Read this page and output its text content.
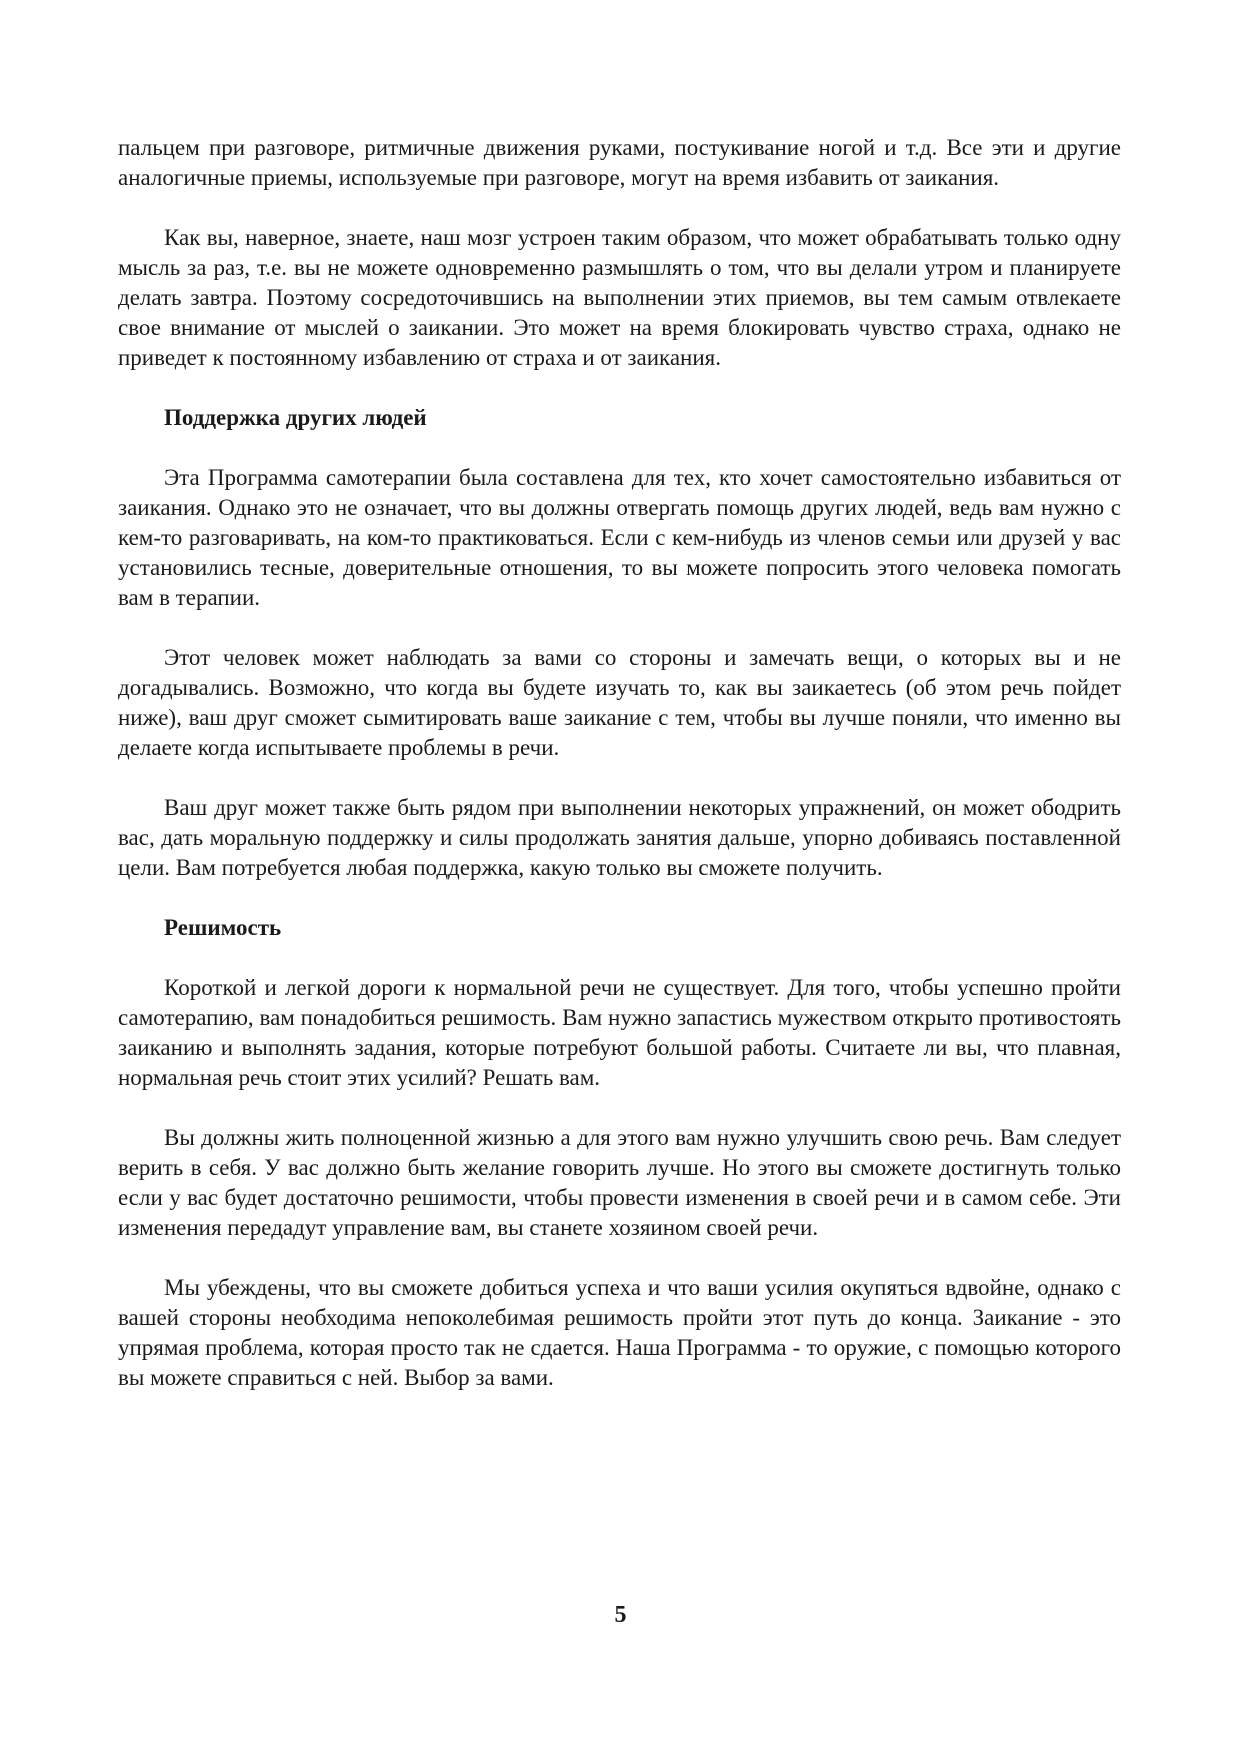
пальцем при разговоре, ритмичные движения руками, постукивание ногой и т.д. Все эти и другие аналогичные приемы, используемые при разговоре, могут на время избавить от заикания.

Как вы, наверное, знаете, наш мозг устроен таким образом, что может обрабатывать только одну мысль за раз, т.е. вы не можете одновременно размышлять о том, что вы делали утром и планируете делать завтра. Поэтому сосредоточившись на выполнении этих приемов, вы тем самым отвлекаете свое внимание от мыслей о заикании. Это может на время блокировать чувство страха, однако не приведет к постоянному избавлению от страха и от заикания.

Поддержка других людей

Эта Программа самотерапии была составлена для тех, кто хочет самостоятельно избавиться от заикания. Однако это не означает, что вы должны отвергать помощь других людей, ведь вам нужно с кем-то разговаривать, на ком-то практиковаться. Если с кем-нибудь из членов семьи или друзей у вас установились тесные, доверительные отношения, то вы можете попросить этого человека помогать вам в терапии.

Этот человек может наблюдать за вами со стороны и замечать вещи, о которых вы и не догадывались. Возможно, что когда вы будете изучать то, как вы заикаетесь (об этом речь пойдет ниже), ваш друг сможет сымитировать ваше заикание с тем, чтобы вы лучше поняли, что именно вы делаете когда испытываете проблемы в речи.

Ваш друг может также быть рядом при выполнении некоторых упражнений, он может ободрить вас, дать моральную поддержку и силы продолжать занятия дальше, упорно добиваясь поставленной цели. Вам потребуется любая поддержка, какую только вы сможете получить.

Решимость

Короткой и легкой дороги к нормальной речи не существует. Для того, чтобы успешно пройти самотерапию, вам понадобиться решимость. Вам нужно запастись мужеством открыто противостоять заиканию и выполнять задания, которые потребуют большой работы. Считаете ли вы, что плавная, нормальная речь стоит этих усилий? Решать вам.

Вы должны жить полноценной жизнью а для этого вам нужно улучшить свою речь. Вам следует верить в себя. У вас должно быть желание говорить лучше. Но этого вы сможете достигнуть только если у вас будет достаточно решимости, чтобы провести изменения в своей речи и в самом себе. Эти изменения передадут управление вам, вы станете хозяином своей речи.

Мы убеждены, что вы сможете добиться успеха и что ваши усилия окупяться вдвойне, однако с вашей стороны необходима непоколебимая решимость пройти этот путь до конца. Заикание - это упрямая проблема, которая просто так не сдается. Наша Программа - то оружие, с помощью которого вы можете справиться с ней. Выбор за вами.

5
